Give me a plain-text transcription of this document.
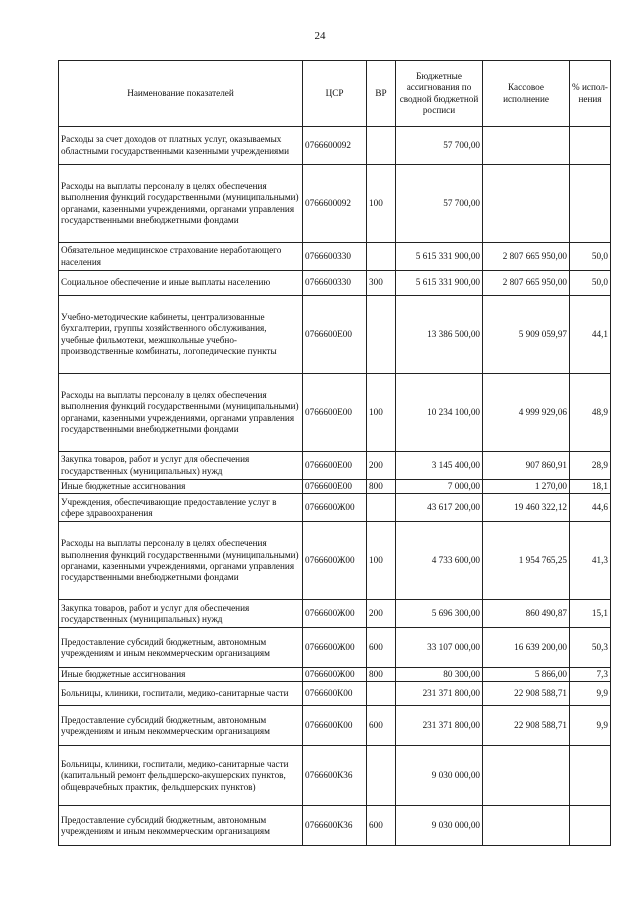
24
Наименование показателей	ЦСР	ВР	Бюджетные ассигнования по сводной бюджетной росписи	Кассовое исполнение	% испол-нения
Расходы за счет доходов от платных услуг, оказываемых областными государственными казенными учреждениями	0766600092		57 700,00		
Расходы на выплаты персоналу в целях обеспечения выполнения функций государственными (муниципальными) органами, казенными учреждениями, органами управления государственными внебюджетными фондами	0766600092	100	57 700,00		
Обязательное медицинское страхование неработающего населения	0766600330		5 615 331 900,00	2 807 665 950,00	50,0
Социальное обеспечение и иные выплаты населению	0766600330	300	5 615 331 900,00	2 807 665 950,00	50,0
Учебно-методические кабинеты, централизованные бухгалтерии, группы хозяйственного обслуживания, учебные фильмотеки, межшкольные учебно-производственные комбинаты, логопедические пункты	0766600Е00		13 386 500,00	5 909 059,97	44,1
Расходы на выплаты персоналу в целях обеспечения выполнения функций государственными (муниципальными) органами, казенными учреждениями, органами управления государственными внебюджетными фондами	0766600Е00	100	10 234 100,00	4 999 929,06	48,9
Закупка товаров, работ и услуг для обеспечения государственных (муниципальных) нужд	0766600Е00	200	3 145 400,00	907 860,91	28,9
Иные бюджетные ассигнования	0766600Е00	800	7 000,00	1 270,00	18,1
Учреждения, обеспечивающие предоставление услуг в сфере здравоохранения	0766600Ж00		43 617 200,00	19 460 322,12	44,6
Расходы на выплаты персоналу в целях обеспечения выполнения функций государственными (муниципальными) органами, казенными учреждениями, органами управления государственными внебюджетными фондами	0766600Ж00	100	4 733 600,00	1 954 765,25	41,3
Закупка товаров, работ и услуг для обеспечения государственных (муниципальных) нужд	0766600Ж00	200	5 696 300,00	860 490,87	15,1
Предоставление субсидий бюджетным, автономным учреждениям и иным некоммерческим организациям	0766600Ж00	600	33 107 000,00	16 639 200,00	50,3
Иные бюджетные ассигнования	0766600Ж00	800	80 300,00	5 866,00	7,3
Больницы, клиники, госпитали, медико-санитарные части	0766600К00		231 371 800,00	22 908 588,71	9,9
Предоставление субсидий бюджетным, автономным учреждениям и иным некоммерческим организациям	0766600К00	600	231 371 800,00	22 908 588,71	9,9
Больницы, клиники, госпитали, медико-санитарные части (капитальный ремонт фельдшерско-акушерских пунктов, общеврачебных практик, фельдшерских пунктов)	0766600К36		9 030 000,00		
Предоставление субсидий бюджетным, автономным учреждениям и иным некоммерческим организациям	0766600К36	600	9 030 000,00		
